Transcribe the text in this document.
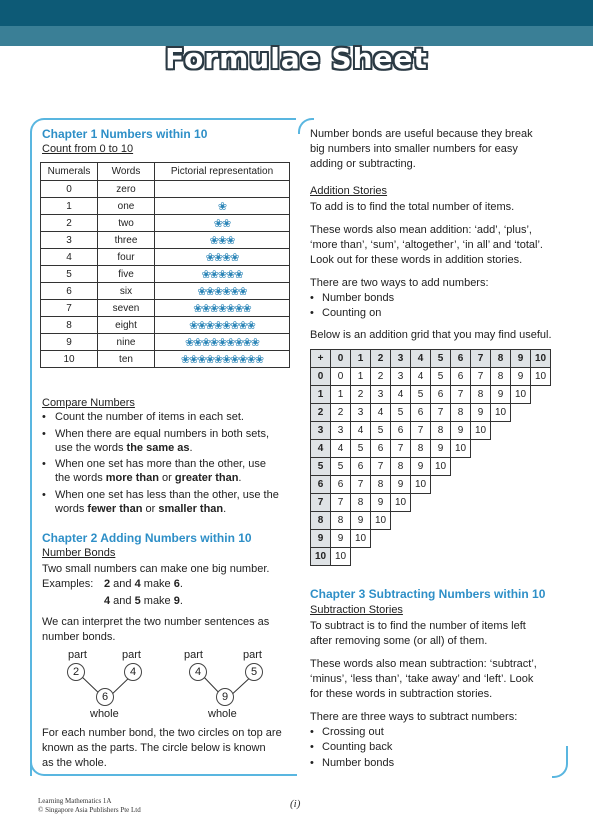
Formulae Sheet
Chapter 1 Numbers within 10
Count from 0 to 10
Numerals	Words	Pictorial representation
0	zero	
1	one	❀
2	two	❀❀
3	three	❀❀❀
4	four	❀❀❀❀
5	five	❀❀❀❀❀
6	six	❀❀❀❀❀❀
7	seven	❀❀❀❀❀❀❀
8	eight	❀❀❀❀❀❀❀❀
9	nine	❀❀❀❀❀❀❀❀❀
10	ten	❀❀❀❀❀❀❀❀❀❀
Compare Numbers
• Count the number of items in each set.
• When there are equal numbers in both sets,
use the words the same as.
• When one set has more than the other, use
the words more than or greater than.
• When one set has less than the other, use the
words fewer than or smaller than.
Chapter 2 Adding Numbers within 10
Number Bonds
Two small numbers can make one big number.
Examples: 2 and 4 make 6.
4 and 5 make 9.
We can interpret the two number sentences as
number bonds.
part	part
2	4
6
whole
part	part
4	5
9
whole
For each number bond, the two circles on top are
known as the parts. The circle below is known
as the whole.
Number bonds are useful because they break
big numbers into smaller numbers for easy
adding or subtracting.
Addition Stories
To add is to find the total number of items.
These words also mean addition: ‘add’, ‘plus’,
‘more than’, ‘sum’, ‘altogether’, ‘in all’ and ‘total’.
Look out for these words in addition stories.
There are two ways to add numbers:
• Number bonds
• Counting on
Below is an addition grid that you may find useful.
+	0	1	2	3	4	5	6	7	8	9	10
0	0	1	2	3	4	5	6	7	8	9	10
1	1	2	3	4	5	6	7	8	9	10	
2	2	3	4	5	6	7	8	9	10		
3	3	4	5	6	7	8	9	10			
4	4	5	6	7	8	9	10				
5	5	6	7	8	9	10					
6	6	7	8	9	10						
7	7	8	9	10							
8	8	9	10								
9	9	10									
10	10										
Chapter 3 Subtracting Numbers within 10
Subtraction Stories
To subtract is to find the number of items left
after removing some (or all) of them.
These words also mean subtraction: ‘subtract’,
‘minus’, ‘less than’, ‘take away’ and ‘left’. Look
for these words in subtraction stories.
There are three ways to subtract numbers:
• Crossing out
• Counting back
• Number bonds
Learning Mathematics 1A
© Singapore Asia Publishers Pte Ltd	(i)
